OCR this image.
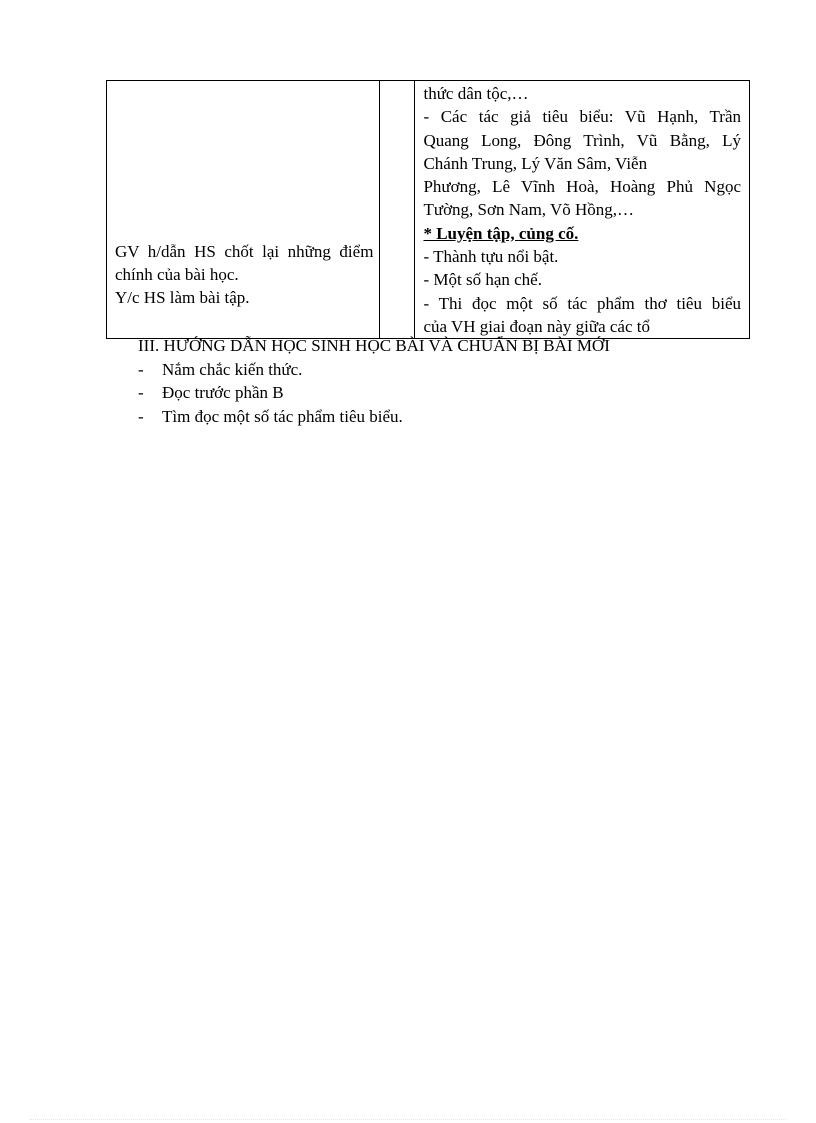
GV h/dẫn HS chốt lại những điểm
chính của bài học.
Y/c HS làm bài tập.

thức dân tộc,…
- Các tác giả tiêu biểu: Vũ Hạnh, Trần
Quang Long, Đông Trình, Vũ Bằng, Lý
Chánh Trung, Lý Văn Sâm, Viễn
Phương, Lê Vĩnh Hoà, Hoàng Phủ Ngọc
Tường, Sơn Nam, Võ Hồng,…
* Luyện tập, củng cố.
- Thành tựu nổi bật.
- Một số hạn chế.
- Thi đọc một số tác phẩm thơ tiêu biểu
của VH giai đoạn này giữa các tổ
III. HƯỚNG DẪN HỌC SINH HỌC BÀI VÀ CHUẨN BỊ BÀI MỚI
-	Nắm chắc kiến thức.
-	Đọc trước phần B
-	Tìm đọc một số tác phẩm tiêu biểu.
